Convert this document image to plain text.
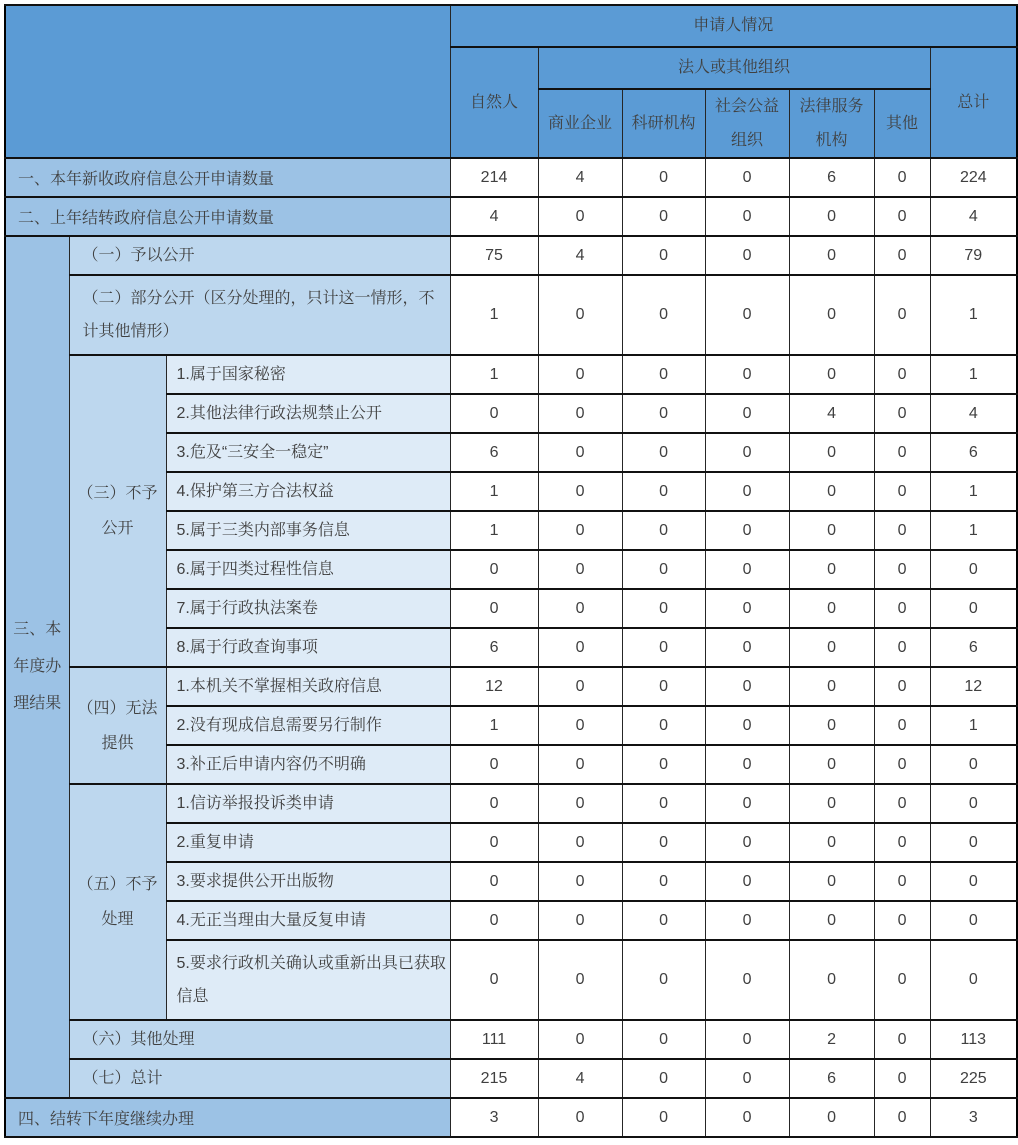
			申请人情况						
			自然人	法人或其他组织					总计
				商业企业	科研机构	社会公益组织	法律服务机构	其他	
一、本年新收政府信息公开申请数量			214	4	0	0	6	0	224
二、上年结转政府信息公开申请数量			4	0	0	0	0	0	4
三、本年度办理结果	（一）予以公开		75	4	0	0	0	0	79
	（二）部分公开（区分处理的，只计这一情形，不计其他情形）		1	0	0	0	0	0	1
	（三）不予公开	1.属于国家秘密	1	0	0	0	0	0	1
		2.其他法律行政法规禁止公开	0	0	0	0	4	0	4
		3.危及“三安全一稳定”	6	0	0	0	0	0	6
		4.保护第三方合法权益	1	0	0	0	0	0	1
		5.属于三类内部事务信息	1	0	0	0	0	0	1
		6.属于四类过程性信息	0	0	0	0	0	0	0
		7.属于行政执法案卷	0	0	0	0	0	0	0
		8.属于行政查询事项	6	0	0	0	0	0	6
	（四）无法提供	1.本机关不掌握相关政府信息	12	0	0	0	0	0	12
		2.没有现成信息需要另行制作	1	0	0	0	0	0	1
		3.补正后申请内容仍不明确	0	0	0	0	0	0	0
	（五）不予处理	1.信访举报投诉类申请	0	0	0	0	0	0	0
		2.重复申请	0	0	0	0	0	0	0
		3.要求提供公开出版物	0	0	0	0	0	0	0
		4.无正当理由大量反复申请	0	0	0	0	0	0	0
		5.要求行政机关确认或重新出具已获取信息	0	0	0	0	0	0	0
	（六）其他处理		111	0	0	0	2	0	113
	（七）总计		215	4	0	0	6	0	225
四、结转下年度继续办理			3	0	0	0	0	0	3
